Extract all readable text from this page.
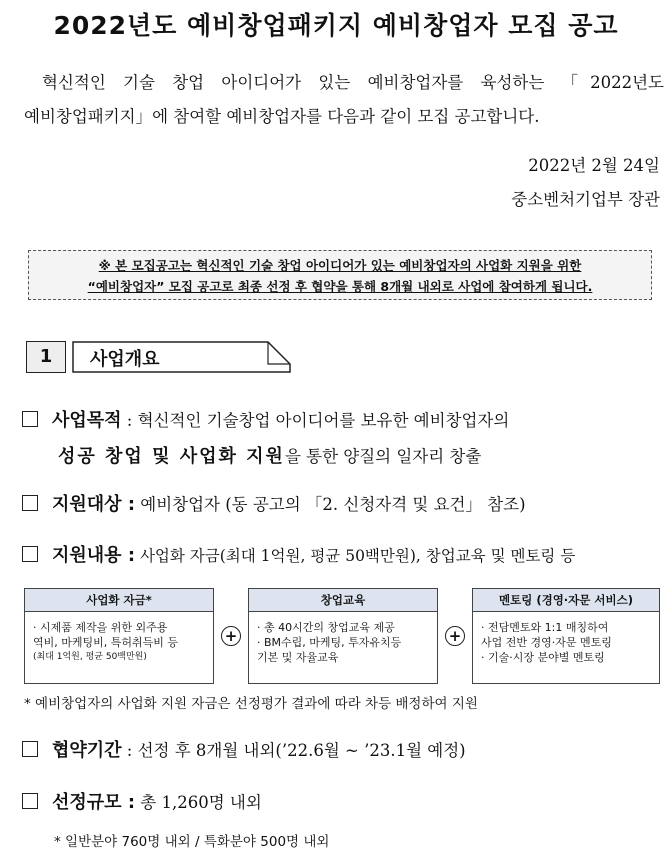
2022년도 예비창업패키지 예비창업자 모집 공고
혁신적인 기술 창업 아이디어가 있는 예비창업자를 육성하는 「2022년도
예비창업패키지」에 참여할 예비창업자를 다음과 같이 모집 공고합니다.
2022년 2월 24일
중소벤처기업부 장관
※ 본 모집공고는 혁신적인 기술 창업 아이디어가 있는 예비창업자의 사업화 지원을 위한
“예비창업자” 모집 공고로 최종 선정 후 협약을 통해 8개월 내외로 사업에 참여하게 됩니다.
1	사업개요
사업목적 : 혁신적인 기술창업 아이디어를 보유한 예비창업자의
성공 창업 및 사업화 지원을 통한 양질의 일자리 창출
지원대상 : 예비창업자 (동 공고의 「2. 신청자격 및 요건」 참조)
지원내용 : 사업화 자금(최대 1억원, 평균 50백만원), 창업교육 및 멘토링 등
사업화 자금*
· 시제품 제작을 위한 외주용
역비, 마케팅비, 특허취득비 등
(최대 1억원, 평균 50백만원)
+
창업교육
· 총 40시간의 창업교육 제공
· BM수립, 마케팅, 투자유치등
기본 및 자율교육
+
멘토링 (경영·자문 서비스)
· 전담멘토와 1:1 매칭하여
사업 전반 경영·자문 멘토링
· 기술·시장 분야별 멘토링
* 예비창업자의 사업화 지원 자금은 선정평가 결과에 따라 차등 배정하여 지원
협약기간 : 선정 후 8개월 내외(’22.6월 ~ ’23.1월 예정)
선정규모 : 총 1,260명 내외
* 일반분야 760명 내외 / 특화분야 500명 내외
